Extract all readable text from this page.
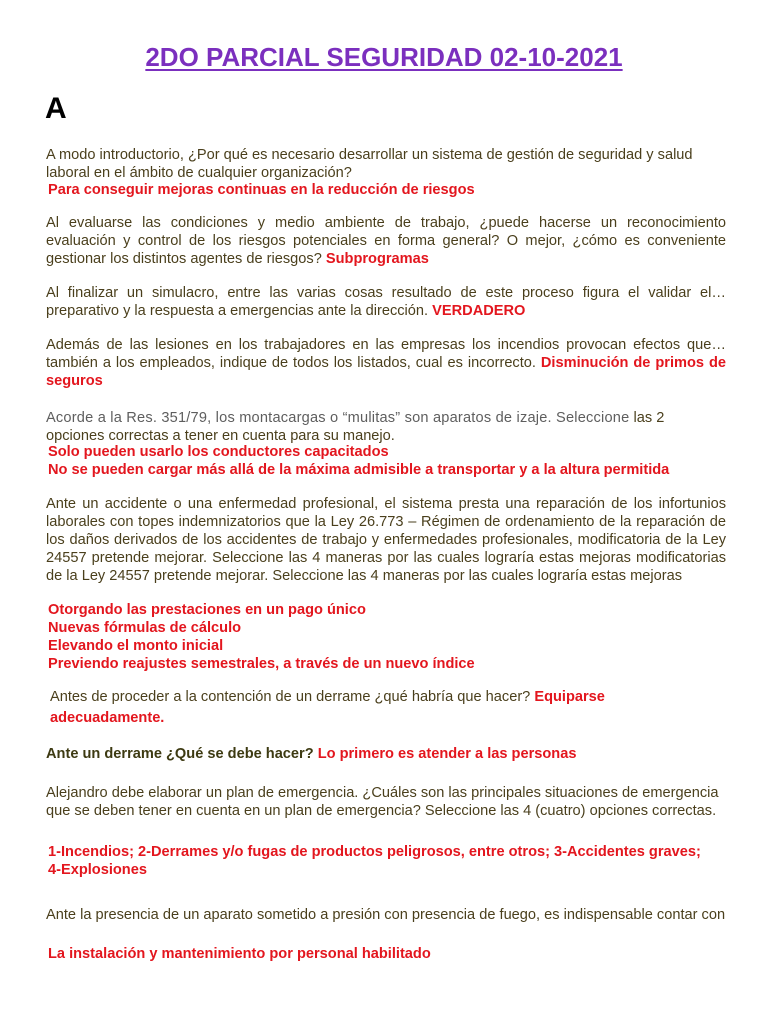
2DO PARCIAL SEGURIDAD 02-10-2021
A
A modo introductorio, ¿Por qué es necesario desarrollar un sistema de gestión de seguridad y salud laboral en el ámbito de cualquier organización?
Para conseguir mejoras continuas en la reducción de riesgos
Al evaluarse las condiciones y medio ambiente de trabajo, ¿puede hacerse un reconocimiento evaluación y control de los riesgos potenciales en forma general? O mejor, ¿cómo es conveniente gestionar los distintos agentes de riesgos? Subprogramas
Al finalizar un simulacro, entre las varias cosas resultado de este proceso figura el validar el… preparativo y la respuesta a emergencias ante la dirección. VERDADERO
Además de las lesiones en los trabajadores en las empresas los incendios provocan efectos que… también a los empleados, indique de todos los listados, cual es incorrecto. Disminución de primos de seguros
Acorde a la Res. 351/79, los montacargas o “mulitas” son aparatos de izaje. Seleccione las 2 opciones correctas a tener en cuenta para su manejo.
Solo pueden usarlo los conductores capacitados
No se pueden cargar más allá de la máxima admisible a transportar y a la altura permitida
Ante un accidente o una enfermedad profesional, el sistema presta una reparación de los infortunios laborales con topes indemnizatorios que la Ley 26.773 – Régimen de ordenamiento de la reparación de los daños derivados de los accidentes de trabajo y enfermedades profesionales, modificatoria de la Ley 24557 pretende mejorar. Seleccione las 4 maneras por las cuales lograría estas mejoras modificatorias de la Ley 24557 pretende mejorar. Seleccione las 4 maneras por las cuales lograría estas mejoras
Otorgando las prestaciones en un pago único
Nuevas fórmulas de cálculo
Elevando el monto inicial
Previendo reajustes semestrales, a través de un nuevo índice
Antes de proceder a la contención de un derrame ¿qué habría que hacer? Equiparse adecuadamente.
Ante un derrame ¿Qué se debe hacer? Lo primero es atender a las personas
Alejandro debe elaborar un plan de emergencia. ¿Cuáles son las principales situaciones de emergencia que se deben tener en cuenta en un plan de emergencia? Seleccione las 4 (cuatro) opciones correctas.
1-Incendios; 2-Derrames y/o fugas de productos peligrosos, entre otros; 3-Accidentes graves; 4-Explosiones
Ante la presencia de un aparato sometido a presión con presencia de fuego, es indispensable contar con
La instalación y mantenimiento por personal habilitado
